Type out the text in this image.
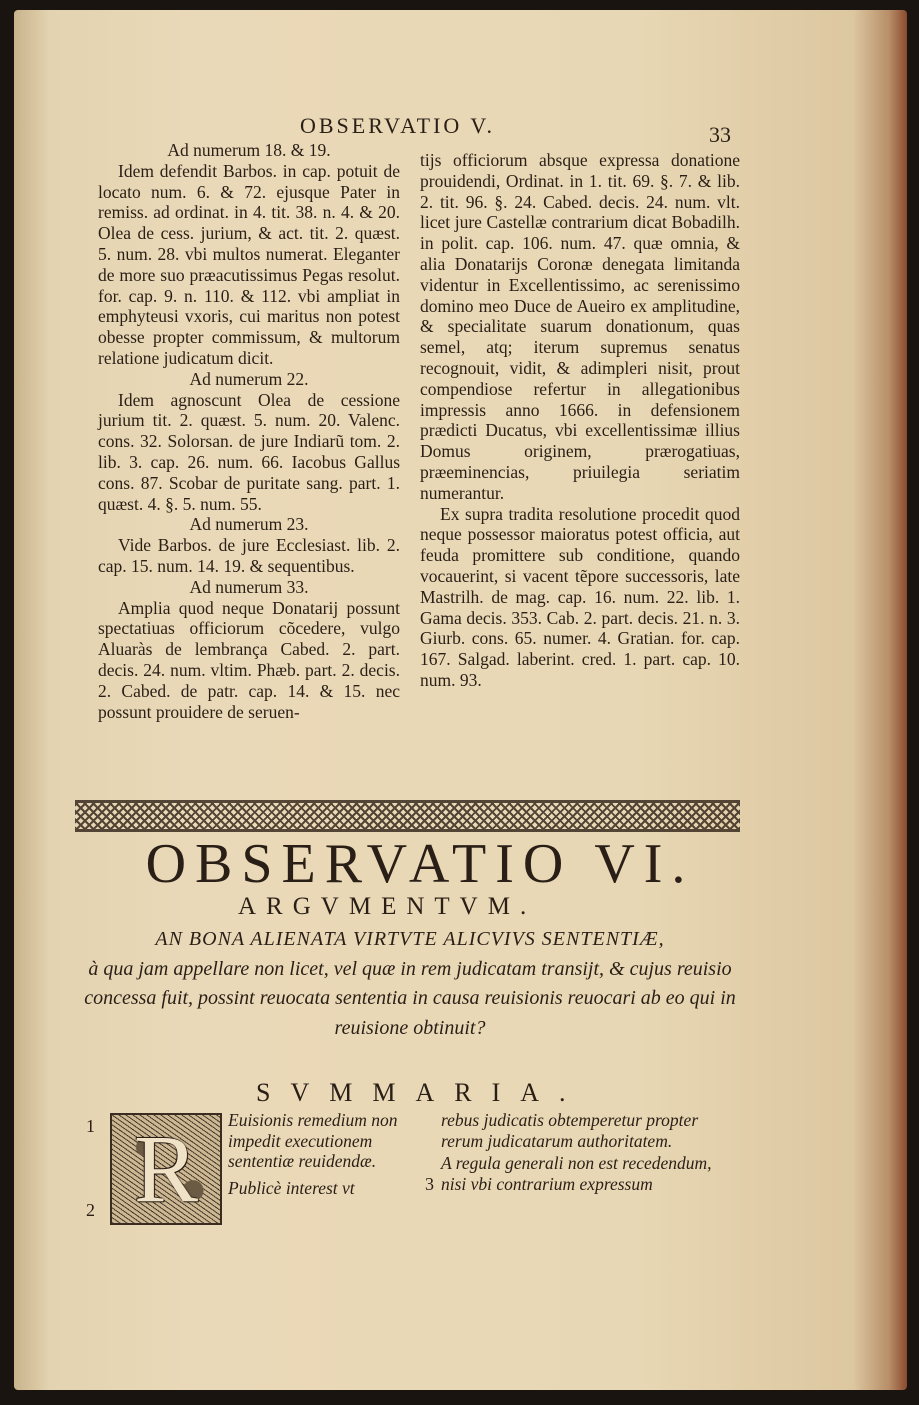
OBSERVATIO V.	33

Ad numerum 18. & 19.

Idem defendit Barbos. in cap. potuit de locato num. 6. & 72. ejusque Pater in remiss. ad ordinat. in 4. tit. 38. n. 4. & 20. Olea de cess. jurium, & act. tit. 2. quæst. 5. num. 28. vbi multos numerat. Eleganter de more suo præacutissimus Pegas resolut. for. cap. 9. n. 110. & 112. vbi ampliat in emphyteusi vxoris, cui maritus non potest obesse propter commissum, & multorum relatione judicatum dicit.

Ad numerum 22.

Idem agnoscunt Olea de cessione jurium tit. 2. quæst. 5. num. 20. Valenc. cons. 32. Solorsan. de jure Indiarũ tom. 2. lib. 3. cap. 26. num. 66. Iacobus Gallus cons. 87. Scobar de puritate sang. part. 1. quæst. 4. §. 5. num. 55.

Ad numerum 23.

Vide Barbos. de jure Ecclesiast. lib. 2. cap. 15. num. 14. 19. & sequentibus.

Ad numerum 33.

Amplia quod neque Donatarij possunt spectatiuas officiorum cõcedere, vulgo Aluaràs de lembrança Cabed. 2. part. decis. 24. num. vltim. Phæb. part. 2. decis. 2. Cabed. de patr. cap. 14. & 15. nec possunt prouidere de seruen-

tijs officiorum absque expressa donatione prouidendi, Ordinat. in 1. tit. 69. §. 7. & lib. 2. tit. 96. §. 24. Cabed. decis. 24. num. vlt. licet jure Castellæ contrarium dicat Bobadilh. in polit. cap. 106. num. 47. quæ omnia, & alia Donatarijs Coronæ denegata limitanda videntur in Excellentissimo, ac serenissimo domino meo Duce de Aueiro ex amplitudine, & specialitate suarum donationum, quas semel, atq; iterum supremus senatus recognouit, vidit, & adimpleri nisit, prout compendiose refertur in allegationibus impressis anno 1666. in defensionem prædicti Ducatus, vbi excellentissimæ illius Domus originem, prærogatiuas, præeminencias, priuilegia seriatim numerantur.

Ex supra tradita resolutione procedit quod neque possessor maioratus potest officia, aut feuda promittere sub conditione, quando vocauerint, si vacent tẽpore successoris, late Mastrilh. de mag. cap. 16. num. 22. lib. 1. Gama decis. 353. Cab. 2. part. decis. 21. n. 3. Giurb. cons. 65. numer. 4. Gratian. for. cap. 167. Salgad. laberint. cred. 1. part. cap. 10. num. 93.

OBSERVATIO VI.
ARGVMENTVM.
AN BONA ALIENATA VIRTVTE ALICVIVS SENTENTIÆ,
à qua jam appellare non licet, vel quæ in rem judicatam transijt, & cujus reuisio concessa fuit, possint reuocata sententia in causa reuisionis reuocari ab eo qui in reuisione obtinuit?
SVMMARIA.
1
2
3
R Euisionis remedium non impedit executionem sententiæ reuidendæ.

Publicè interest vt

rebus judicatis obtemperetur propter rerum judicatarum authoritatem.

A regula generali non est recedendum, nisi vbi contrarium expressum
